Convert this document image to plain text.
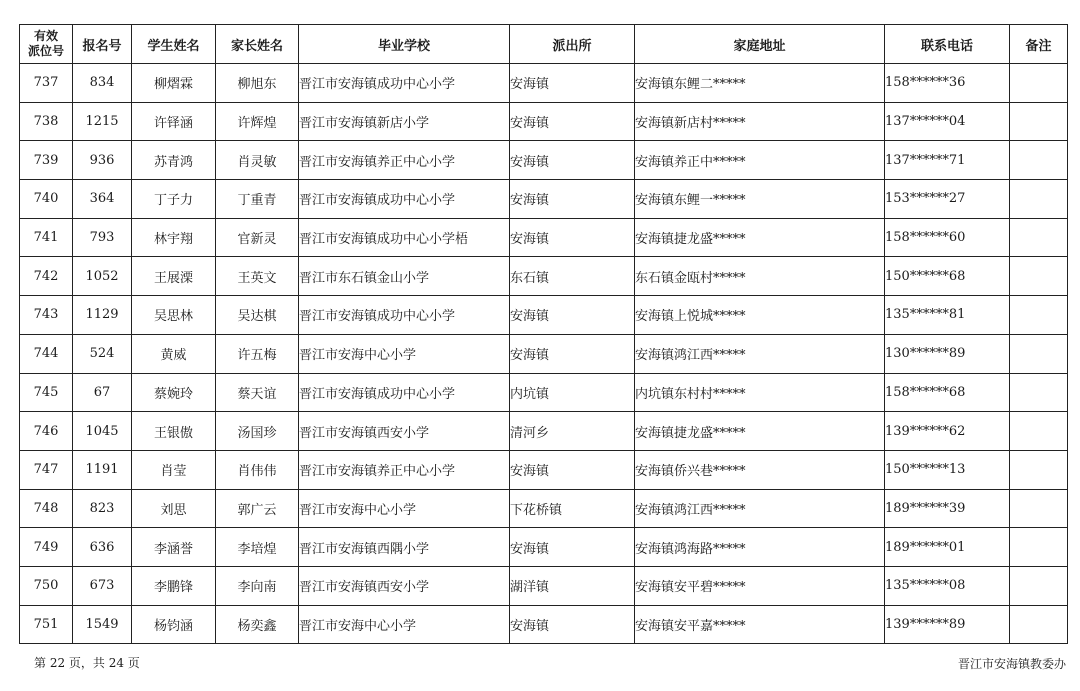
有效
派位号	报名号	学生姓名	家长姓名	毕业学校	派出所	家庭地址	联系电话	备注
737	834	柳熠霖	柳旭东	晋江市安海镇成功中心小学	安海镇	安海镇东鲤二*****	158******36	
738	1215	许铎涵	许辉煌	晋江市安海镇新店小学	安海镇	安海镇新店村*****	137******04	
739	936	苏青鸿	肖灵敏	晋江市安海镇养正中心小学	安海镇	安海镇养正中*****	137******71	
740	364	丁子力	丁重青	晋江市安海镇成功中心小学	安海镇	安海镇东鲤一*****	153******27	
741	793	林宇翔	官新灵	晋江市安海镇成功中心小学梧	安海镇	安海镇捷龙盛*****	158******60	
742	1052	王展溧	王英文	晋江市东石镇金山小学	东石镇	东石镇金瓯村*****	150******68	
743	1129	吴思林	吴达棋	晋江市安海镇成功中心小学	安海镇	安海镇上悦城*****	135******81	
744	524	黄威	许五梅	晋江市安海中心小学	安海镇	安海镇鸿江西*****	130******89	
745	67	蔡婉玲	蔡天谊	晋江市安海镇成功中心小学	内坑镇	内坑镇东村村*****	158******68	
746	1045	王银傲	汤国珍	晋江市安海镇西安小学	清河乡	安海镇捷龙盛*****	139******62	
747	1191	肖莹	肖伟伟	晋江市安海镇养正中心小学	安海镇	安海镇侨兴巷*****	150******13	
748	823	刘思	郭广云	晋江市安海中心小学	下花桥镇	安海镇鸿江西*****	189******39	
749	636	李涵誉	李培煌	晋江市安海镇西隅小学	安海镇	安海镇鸿海路*****	189******01	
750	673	李鹏锋	李向南	晋江市安海镇西安小学	湖洋镇	安海镇安平碧*****	135******08	
751	1549	杨钧涵	杨奕鑫	晋江市安海中心小学	安海镇	安海镇安平嘉*****	139******89	
第 22 页，共 24 页	晋江市安海镇教委办
